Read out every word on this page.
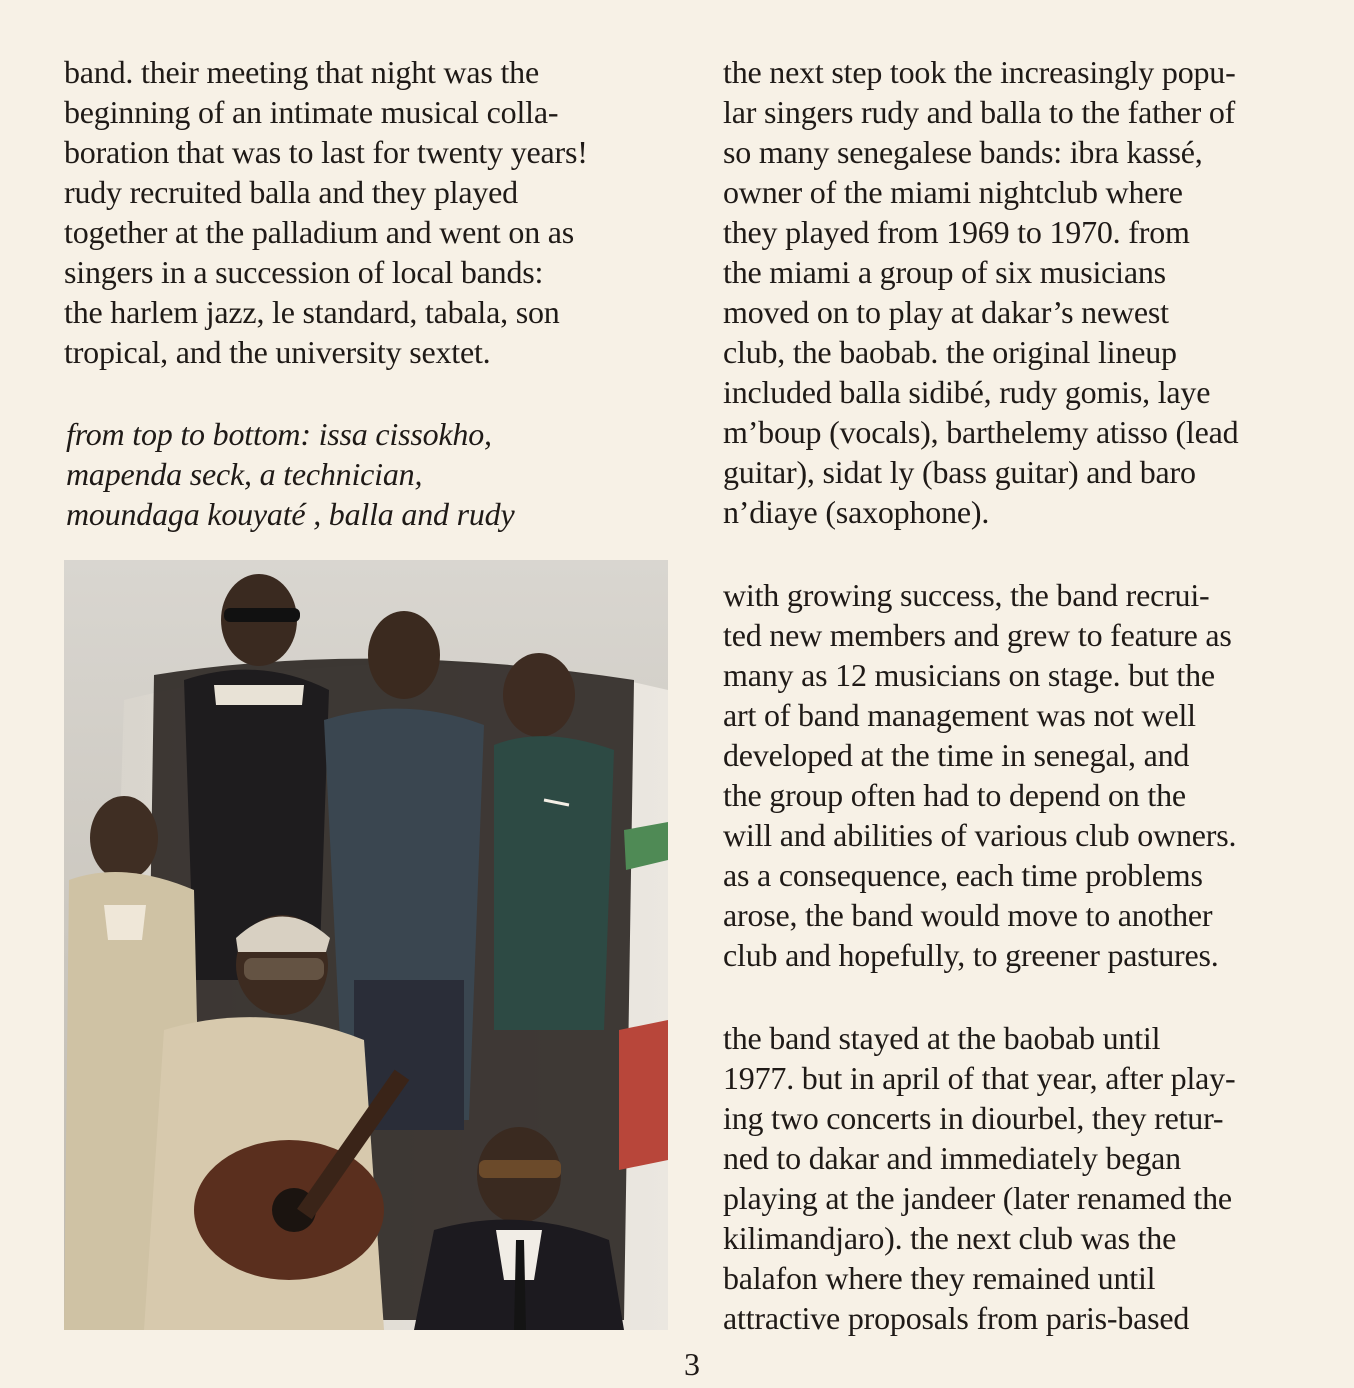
band. their meeting that night was the
beginning of an intimate musical colla-
boration that was to last for twenty years!
rudy recruited balla and they played
together at the palladium and went on as
singers in a succession of local bands:
the harlem jazz, le standard, tabala, son
tropical, and the university sextet.
from top to bottom: issa cissokho,
mapenda seck, a technician,
moundaga kouyaté , balla and rudy
the next step took the increasingly popu-
lar singers rudy and balla to the father of
so many senegalese bands: ibra kassé,
owner of the miami nightclub where
they played from 1969 to 1970. from
the miami a group of six musicians
moved on to play at dakar’s newest
club, the baobab. the original lineup
included balla sidibé, rudy gomis, laye
m’boup (vocals), barthelemy atisso (lead
guitar), sidat ly (bass guitar) and baro
n’diaye (saxophone).
with growing success, the band recrui-
ted new members and grew to feature as
many as 12 musicians on stage. but the
art of band management was not well
developed at the time in senegal, and
the group often had to depend on the
will and abilities of various club owners.
as a consequence, each time problems
arose, the band would move to another
club and hopefully, to greener pastures.
the band stayed at the baobab until
1977. but in april of that year, after play-
ing two concerts in diourbel, they retur-
ned to dakar and immediately began
playing at the jandeer (later renamed the
kilimandjaro). the next club was the
balafon where they remained until
attractive proposals from paris-based
3
